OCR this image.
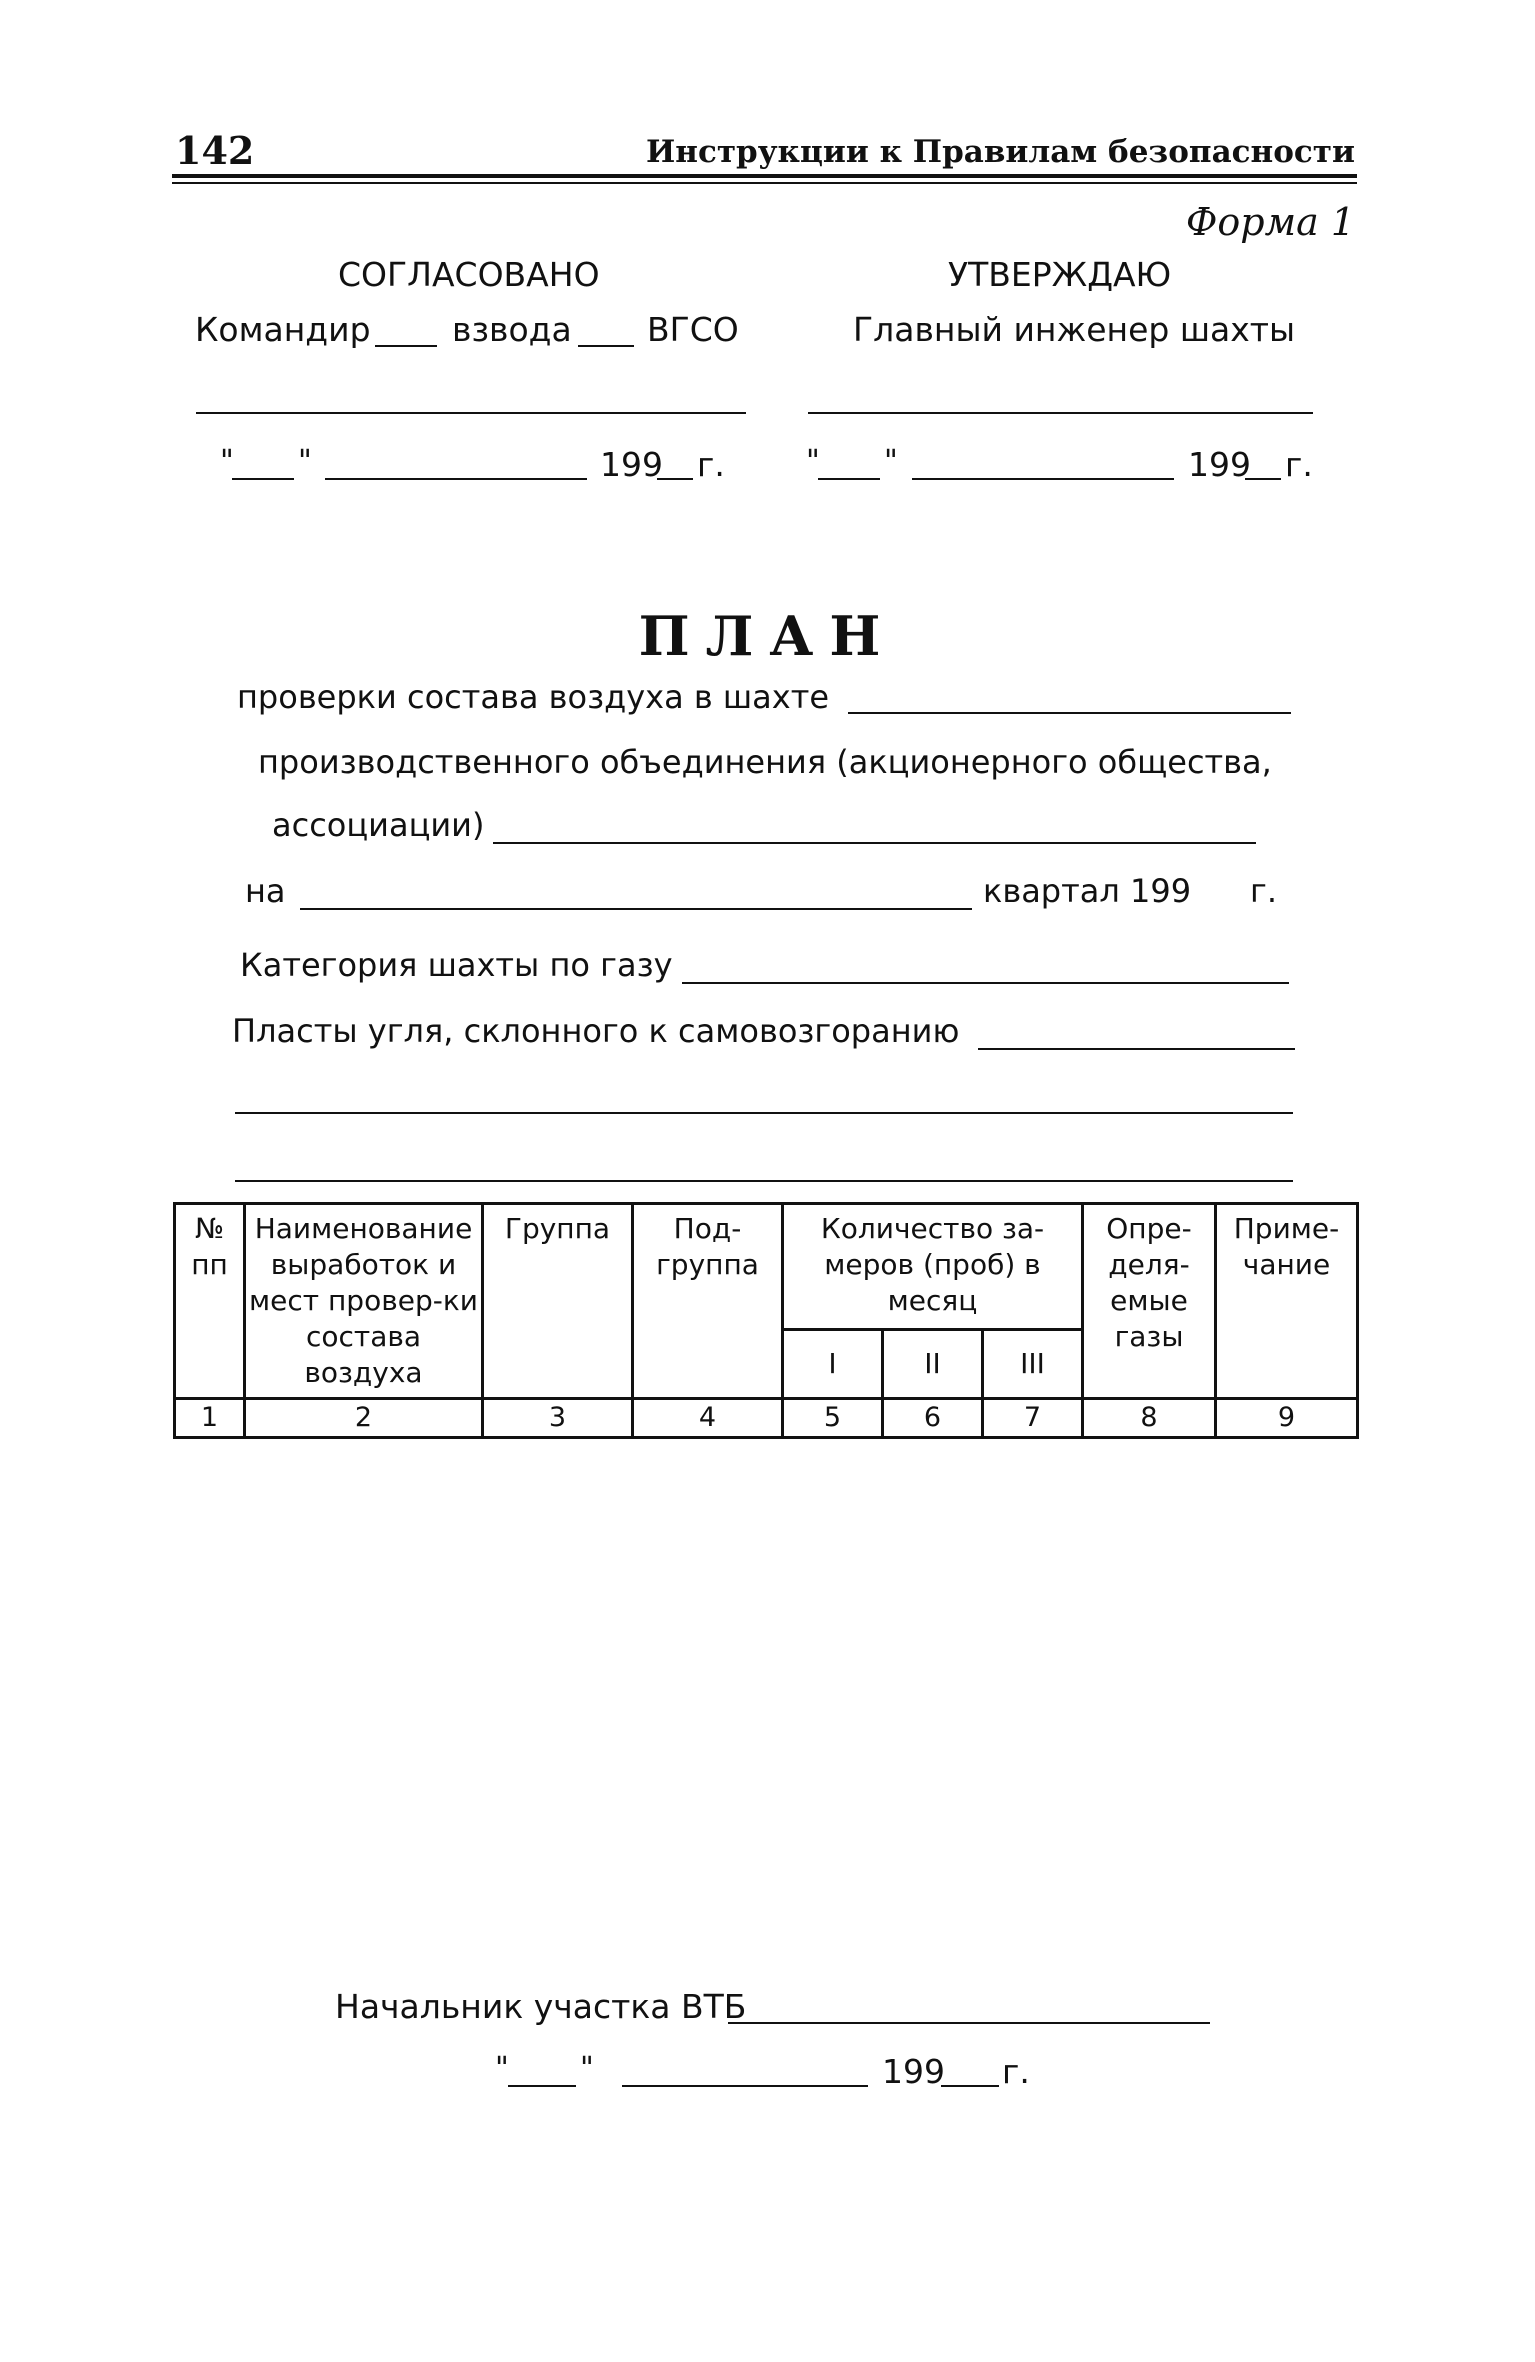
142	Инструкции к Правилам безопасности
Форма 1
СОГЛАСОВАНО
Командир взвода ВГСО
" "	199 г.
УТВЕРЖДАЮ
Главный инженер шахты
" "	199 г.
ПЛАН
проверки состава воздуха в шахте
производственного объединения (акционерного общества,
ассоциации)
на	квартал 199 г.
Категория шахты по газу
Пласты угля, склонного к самовозгоранию
№ пп	Наименование выработок и мест провер-ки состава воздуха	Группа	Под-группа	Количество за-меров (проб) в месяц			Опре-деля-емые газы	Приме-чание
				I	II	III		
1	2	3	4	5	6	7	8	9
Начальник участка ВТБ
" "	199 г.
